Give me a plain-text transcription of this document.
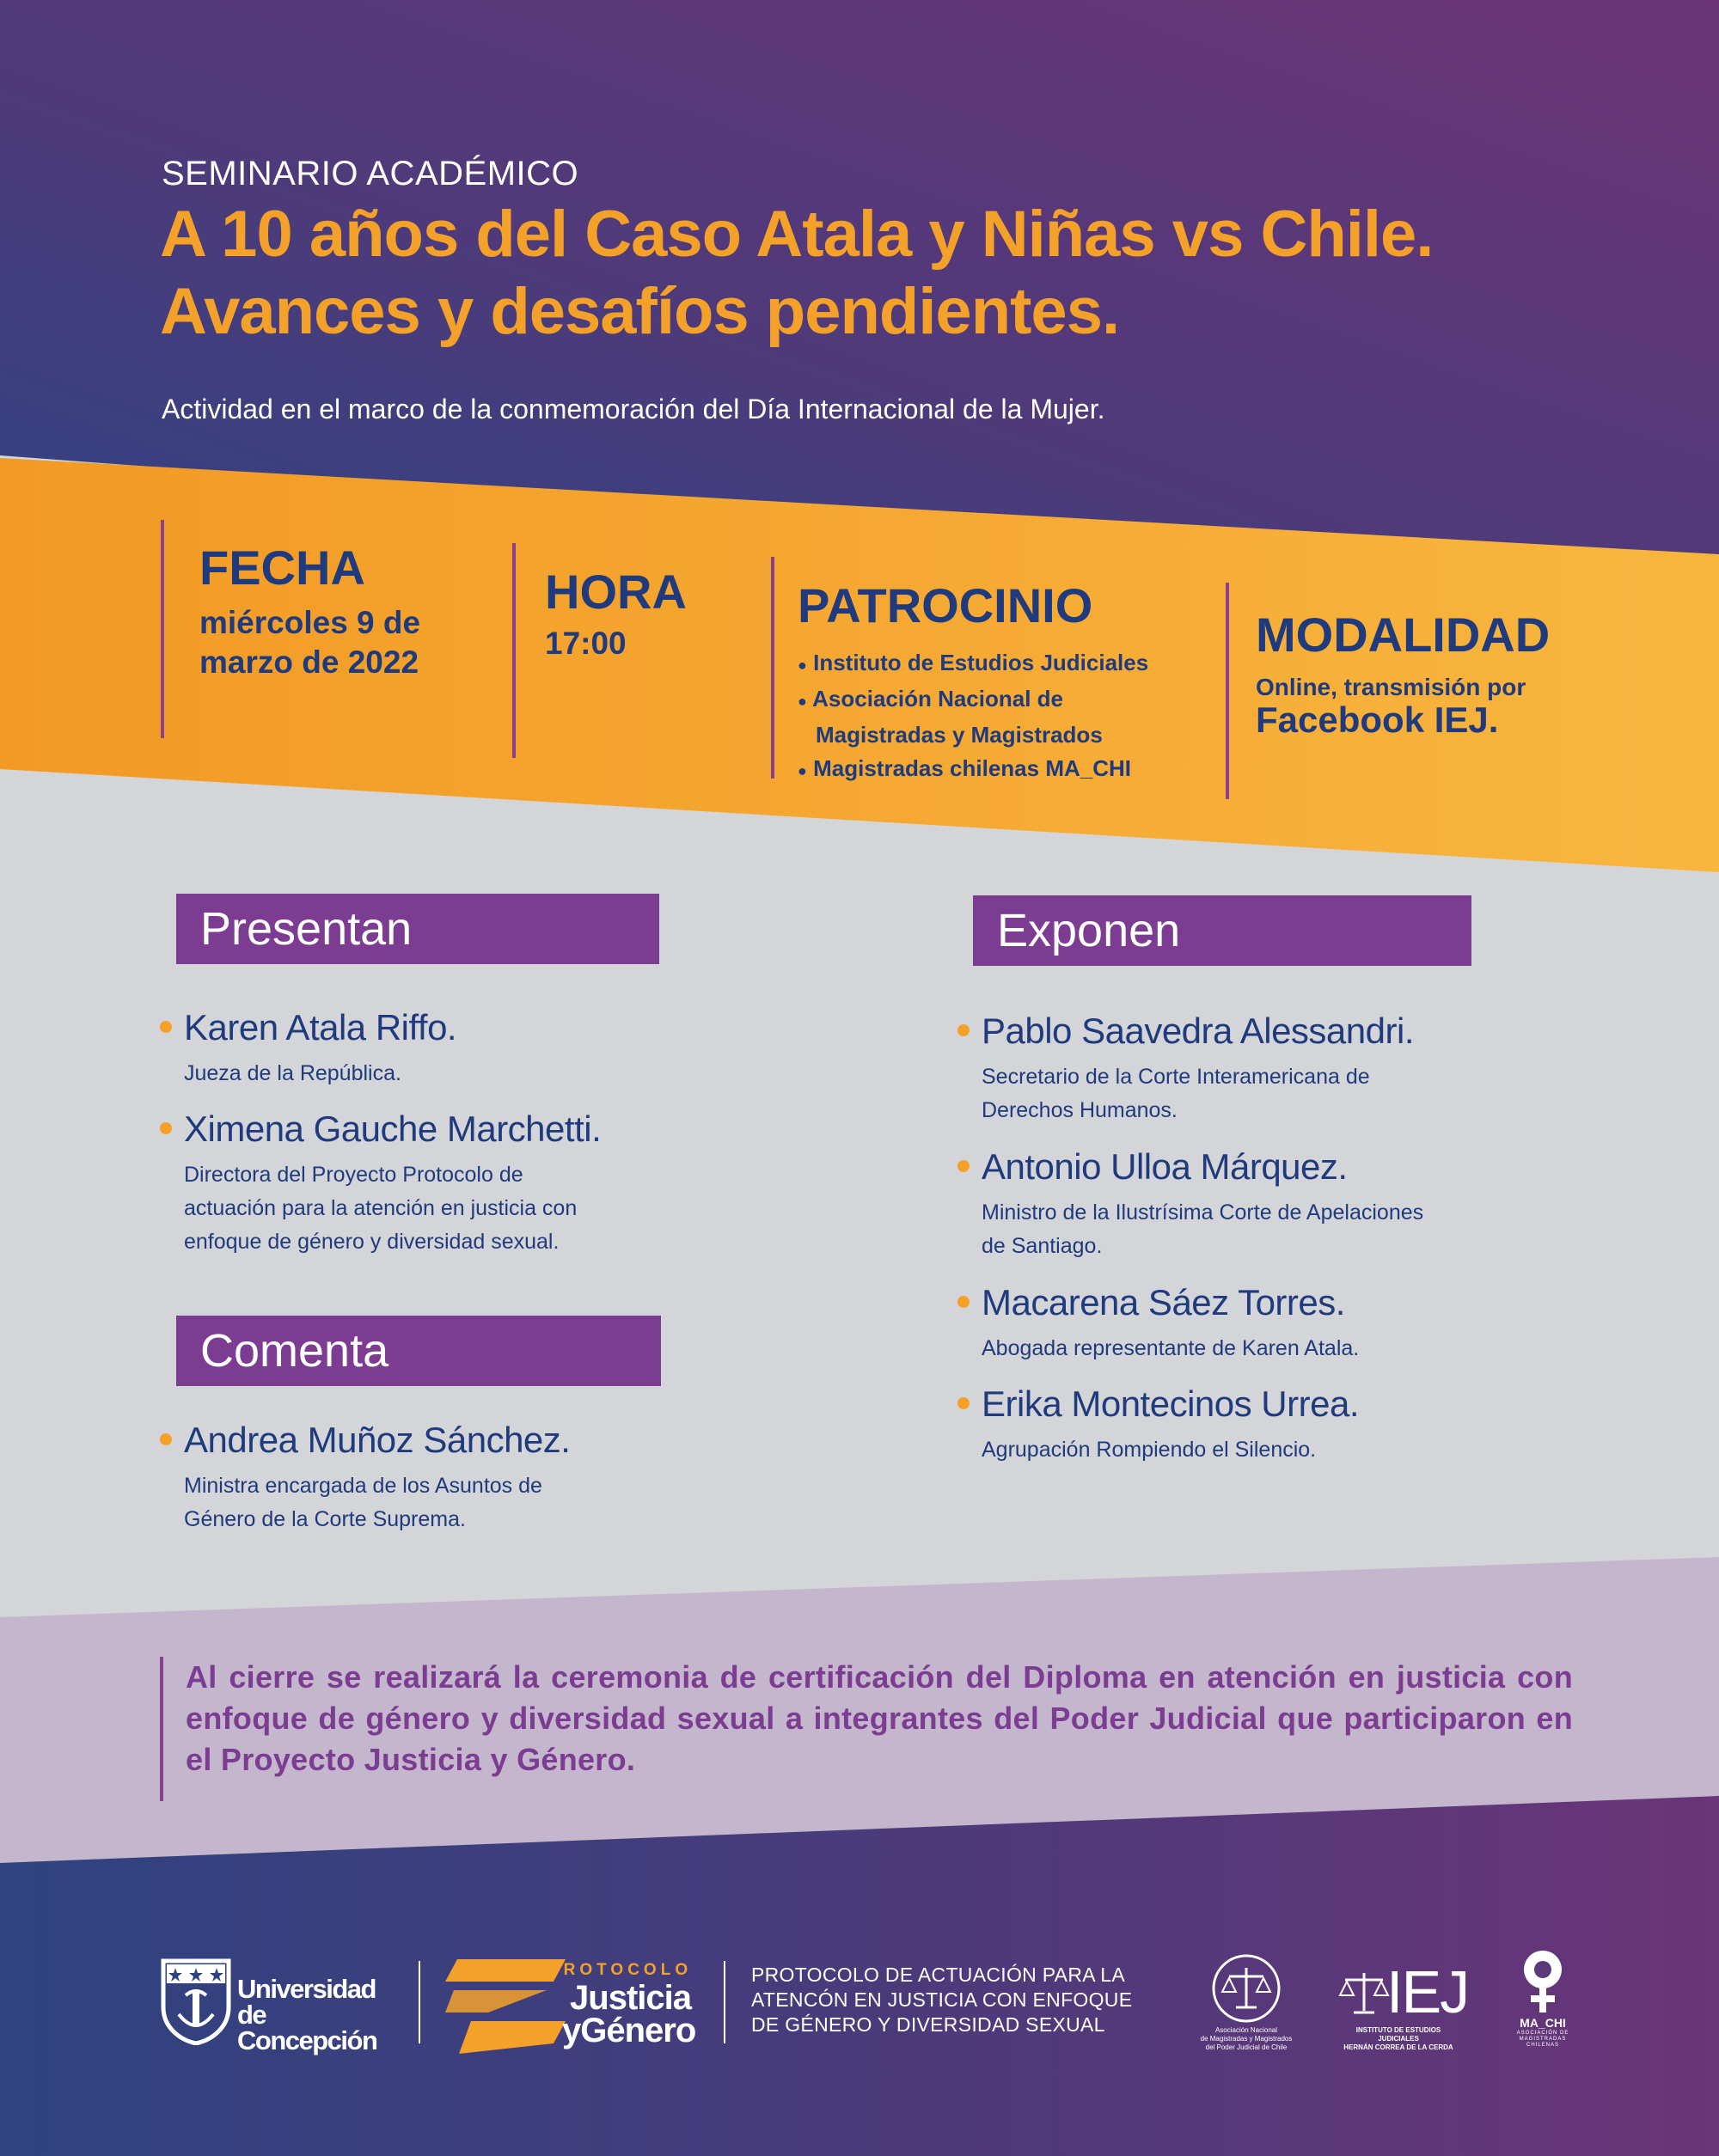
SEMINARIO ACADÉMICO
A 10 años del Caso Atala y Niñas vs Chile.
Avances y desafíos pendientes.
Actividad en el marco de la conmemoración del Día Internacional de la Mujer.
FECHA
miércoles 9 de
marzo de 2022
HORA
17:00
PATROCINIO
● Instituto de Estudios Judiciales
● Asociación Nacional de
Magistradas y Magistrados
● Magistradas chilenas MA_CHI
MODALIDAD
Online, transmisión por
Facebook IEJ.
Presentan
Karen Atala Riffo.
Jueza de la República.
Ximena Gauche Marchetti.
Directora del Proyecto Protocolo de
actuación para la atención en justicia con
enfoque de género y diversidad sexual.
Comenta
Andrea Muñoz Sánchez.
Ministra encargada de los Asuntos de
Género de la Corte Suprema.
Exponen
Pablo Saavedra Alessandri.
Secretario de la Corte Interamericana de
Derechos Humanos.
Antonio Ulloa Márquez.
Ministro de la Ilustrísima Corte de Apelaciones
de Santiago.
Macarena Sáez Torres.
Abogada representante de Karen Atala.
Erika Montecinos Urrea.
Agrupación Rompiendo el Silencio.
Al cierre se realizará la ceremonia de certificación del Diploma en atención en justicia con enfoque de género y diversidad sexual a integrantes del Poder Judicial que participaron en el Proyecto Justicia y Género.
Universidad
de Concepción
PROTOCOLO
Justicia
yGénero
PROTOCOLO DE ACTUACIÓN PARA LA
ATENCÓN EN JUSTICIA CON ENFOQUE
DE GÉNERO Y DIVERSIDAD SEXUAL	Asociación Nacional
de Magistradas y Magistrados
del Poder Judicial de Chile
IEJ
INSTITUTO DE ESTUDIOS JUDICIALES
HERNÁN CORREA DE LA CERDA
MA_CHI
ASOCIACIÓN DE
MAGISTRADAS
CHILENAS
